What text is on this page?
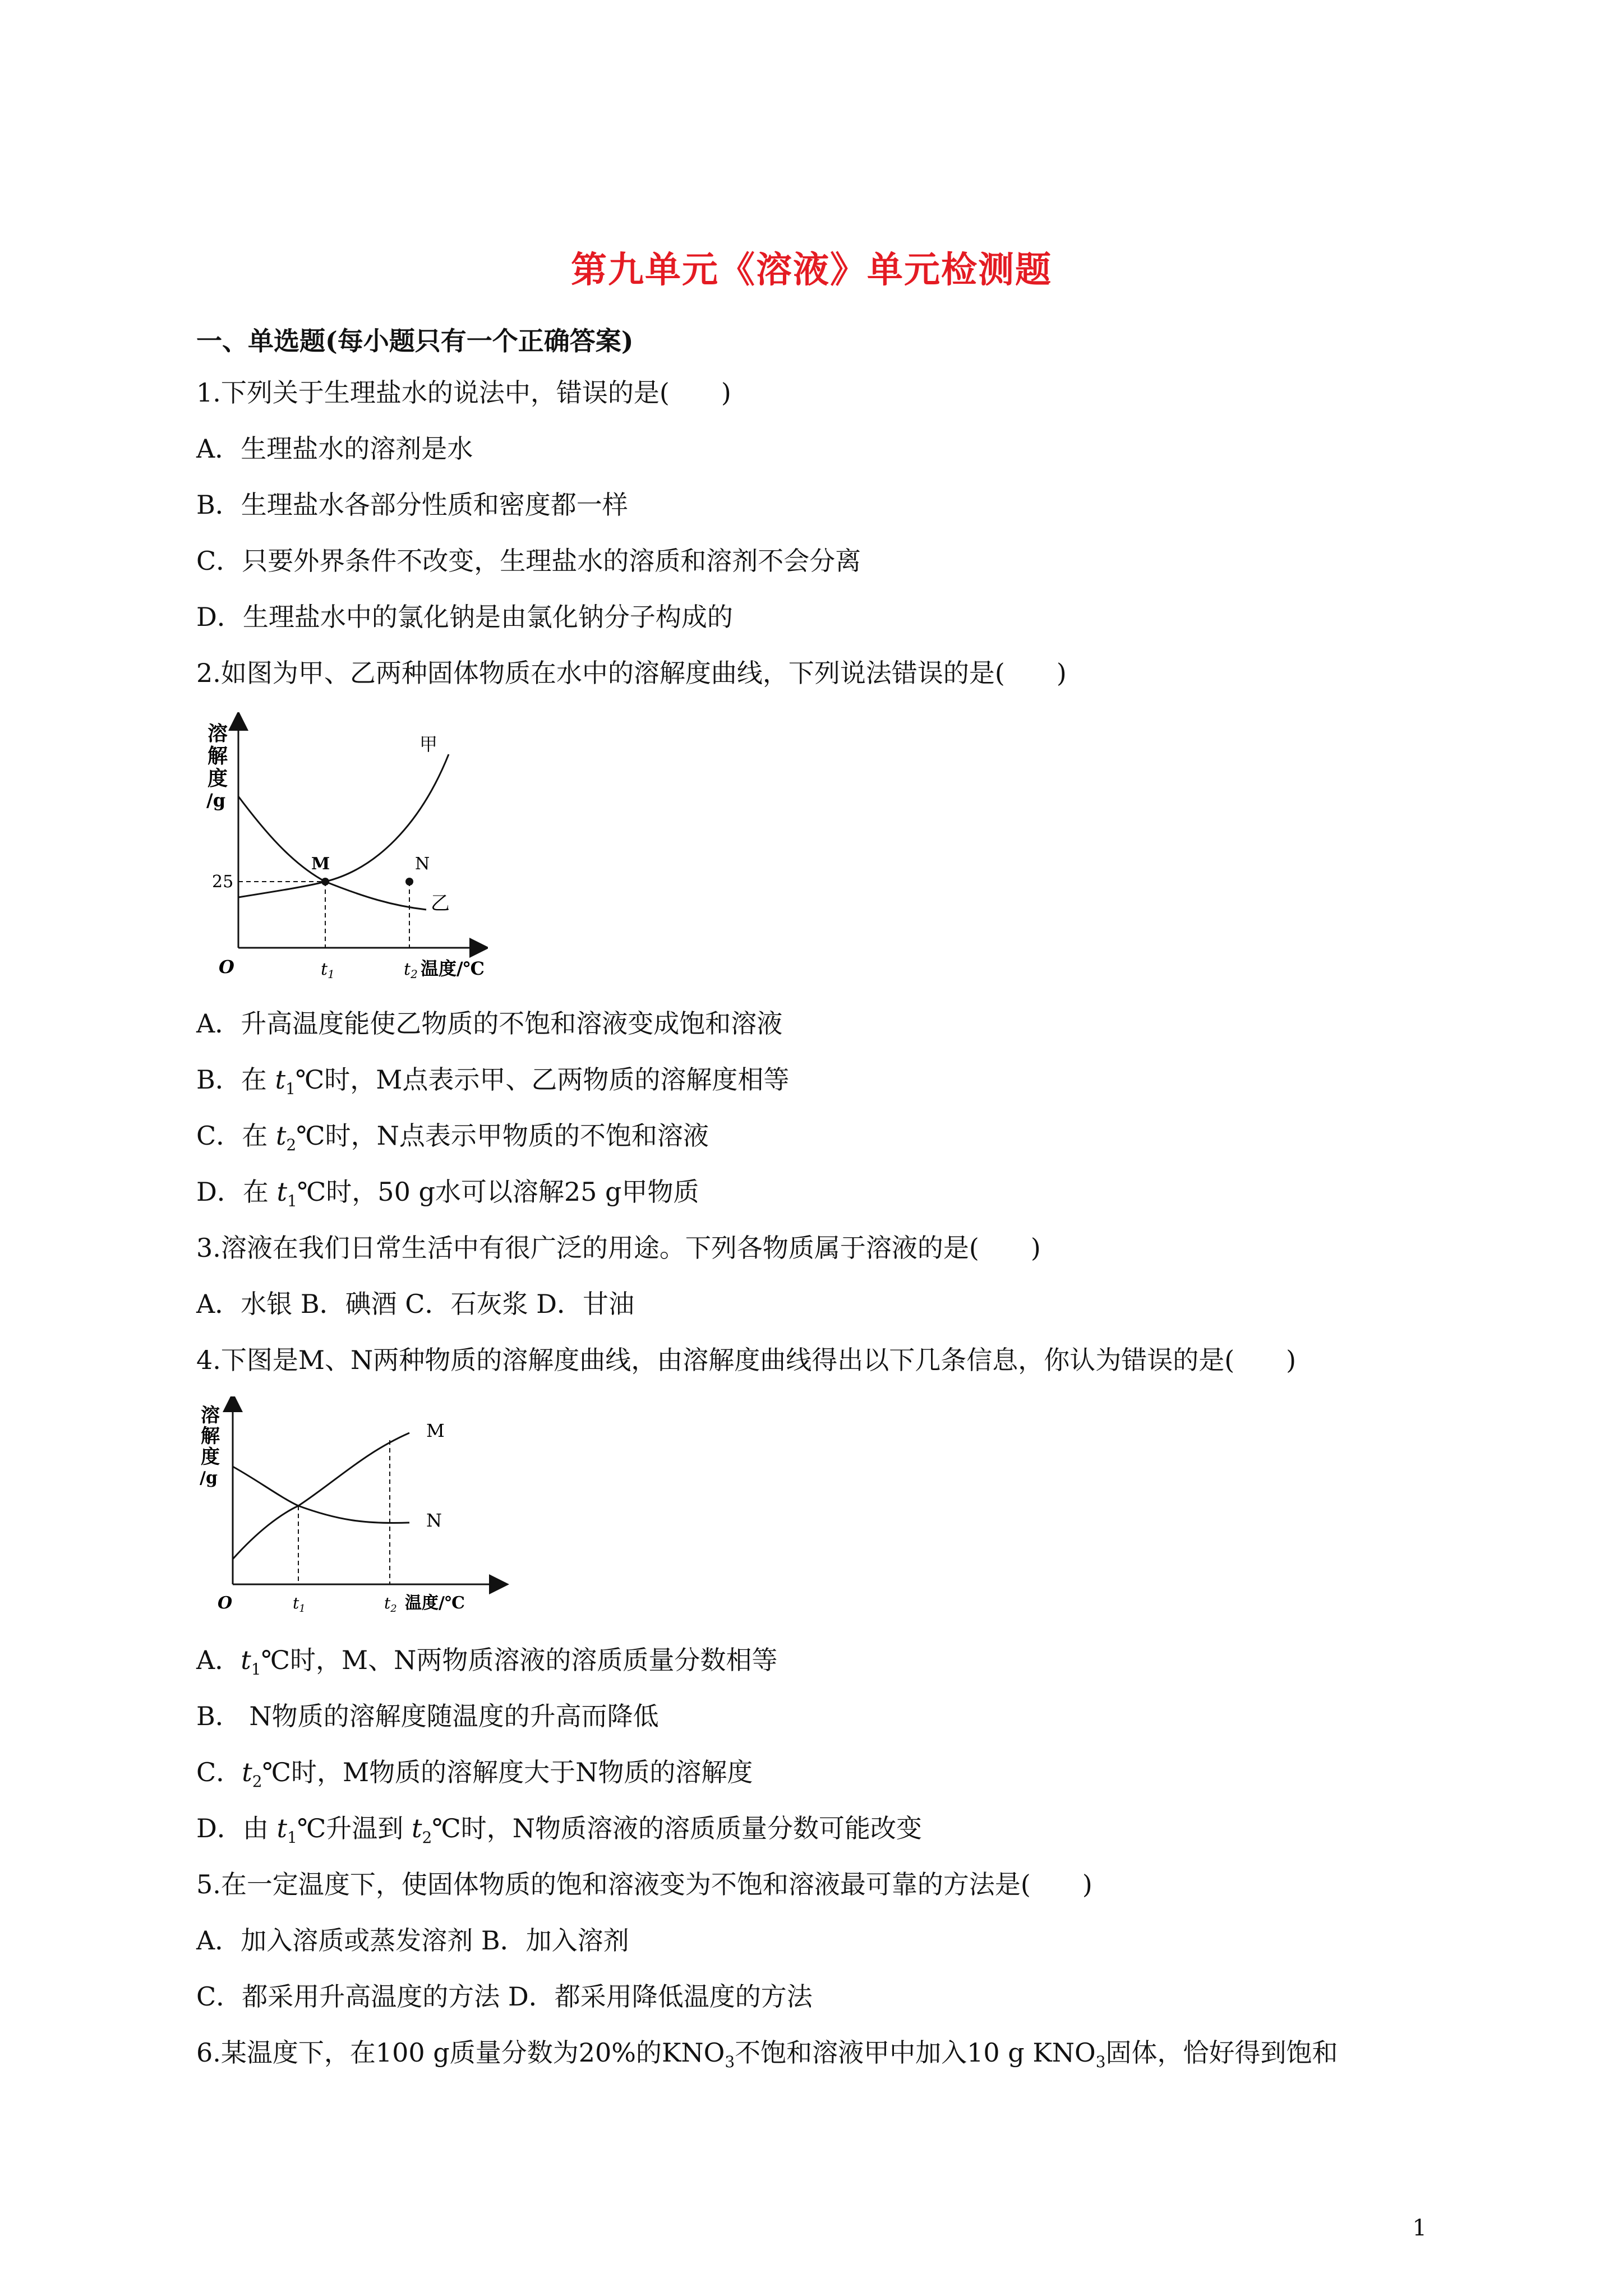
第九单元《溶液》单元检测题
一、单选题(每小题只有一个正确答案)
1.下列关于生理盐水的说法中，错误的是(　　)
A．生理盐水的溶剂是水
B．生理盐水各部分性质和密度都一样
C．只要外界条件不改变，生理盐水的溶质和溶剂不会分离
D．生理盐水中的氯化钠是由氯化钠分子构成的
2.如图为甲、乙两种固体物质在水中的溶解度曲线，下列说法错误的是(　　)
溶
解
度
/g
25
M	N
甲
乙
O	$t_1$	$t_2$ 温度/℃
A．升高温度能使乙物质的不饱和溶液变成饱和溶液
B．在 $t_1℃$时，M点表示甲、乙两物质的溶解度相等
C．在 $t_2℃$时，N点表示甲物质的不饱和溶液
D．在 $t_1℃$时，50 g水可以溶解25 g甲物质
3.溶液在我们日常生活中有很广泛的用途。下列各物质属于溶液的是(　　)
A．水银 B．碘酒 C．石灰浆 D．甘油
4.下图是M、N两种物质的溶解度曲线，由溶解度曲线得出以下几条信息，你认为错误的是(　　)
溶
解
度
/g
M
N
O	$t_1$	$t_2$ 温度/℃
A．$t_1℃$时，M、N两物质溶液的溶质质量分数相等
B． N物质的溶解度随温度的升高而降低
C．$t_2℃$时，M物质的溶解度大于N物质的溶解度
D．由 $t_1℃$升温到 $t_2℃$时，N物质溶液的溶质质量分数可能改变
5.在一定温度下，使固体物质的饱和溶液变为不饱和溶液最可靠的方法是(　　)
A．加入溶质或蒸发溶剂 B．加入溶剂
C．都采用升高温度的方法 D．都采用降低温度的方法
6.某温度下，在100 g质量分数为20%的$KNO_3$不饱和溶液甲中加入10 g $KNO_3$固体，恰好得到饱和
1
